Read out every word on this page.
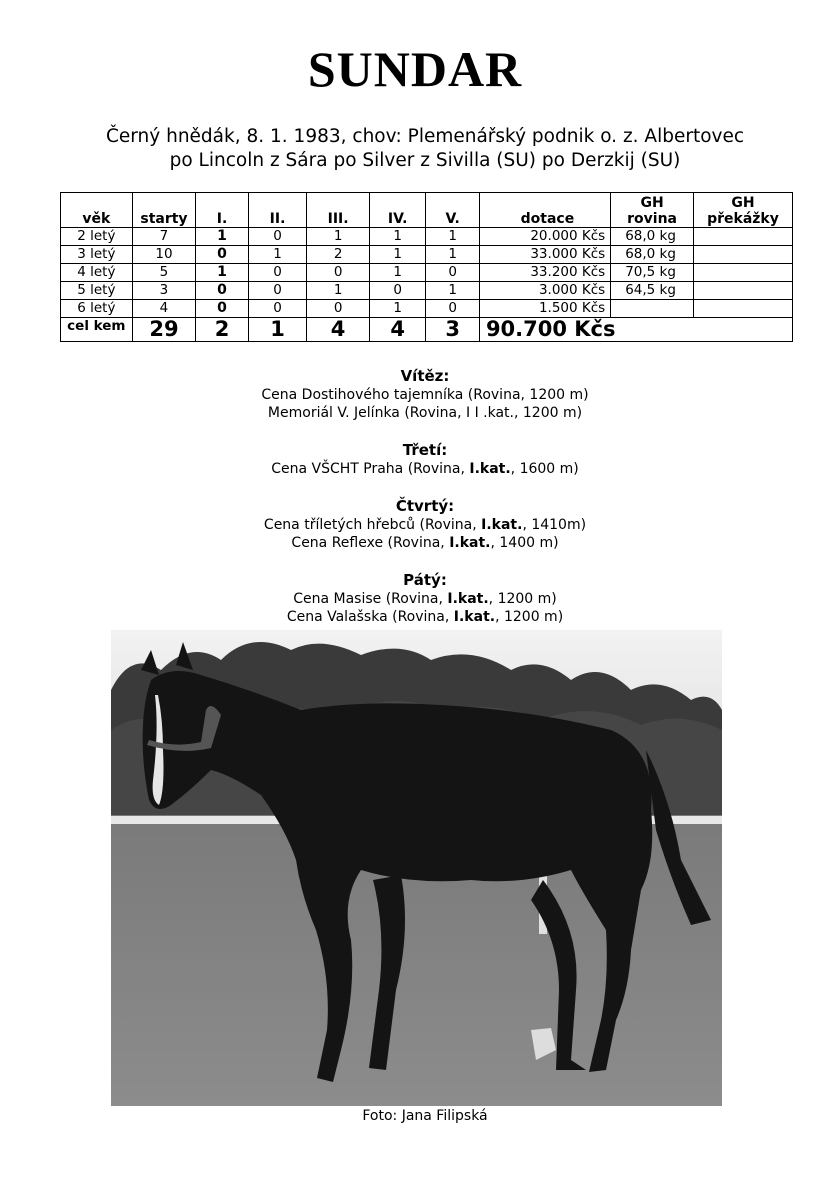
SUNDAR
Černý hnědák, 8. 1. 1983, chov: Plemenářský podnik o. z. Albertovec
po Lincoln z Sára po Silver z Sivilla (SU) po Derzkij (SU)
věk	starty	I.	II.	III.	IV.	V.	dotace	GH rovina	GH překážky
2 letý	7	1	0	1	1	1	20.000 Kčs	68,0 kg	
3 letý	10	0	1	2	1	1	33.000 Kčs	68,0 kg	
4 letý	5	1	0	0	1	0	33.200 Kčs	70,5 kg	
5 letý	3	0	0	1	0	1	3.000 Kčs	64,5 kg	
6 letý	4	0	0	0	1	0	1.500 Kčs		
cel kem	29	2	1	4	4	3	90.700 Kčs		
Vítěz:
Cena Dostihového tajemníka (Rovina, 1200 m)
Memoriál V. Jelínka (Rovina, I I .kat., 1200 m)
Třetí:
Cena VŠCHT Praha (Rovina, I.kat., 1600 m)
Čtvrtý:
Cena tříletých hřebců (Rovina, I.kat., 1410m)
Cena Reflexe (Rovina, I.kat., 1400 m)
Pátý:
Cena Masise (Rovina, I.kat., 1200 m)
Cena Valašska (Rovina, I.kat., 1200 m)
Foto: Jana Filipská
